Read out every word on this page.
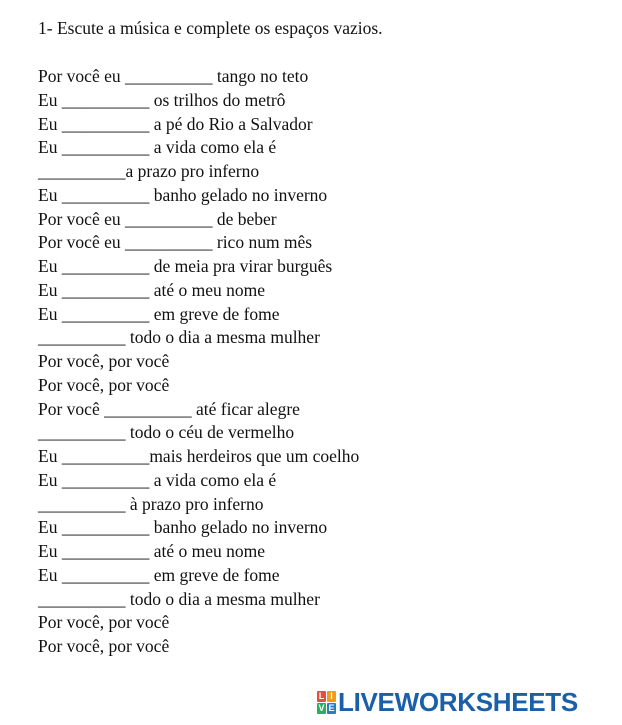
1- Escute a música e complete os espaços vazios.
Por você eu __________ tango no teto
Eu __________ os trilhos do metrô
Eu __________ a pé do Rio a Salvador
Eu __________ a vida como ela é
__________a prazo pro inferno
Eu __________ banho gelado no inverno
Por você eu __________ de beber
Por você eu __________ rico num mês
Eu __________ de meia pra virar burguês
Eu __________ até o meu nome
Eu __________ em greve de fome
__________ todo o dia a mesma mulher
Por você, por você
Por você, por você
Por você __________ até ficar alegre
__________ todo o céu de vermelho
Eu __________mais herdeiros que um coelho
Eu __________ a vida como ela é
__________ à prazo pro inferno
Eu __________ banho gelado no inverno
Eu __________ até o meu nome
Eu __________ em greve de fome
__________ todo o dia a mesma mulher
Por você, por você
Por você, por você
L I
V E LIVEWORKSHEETS
